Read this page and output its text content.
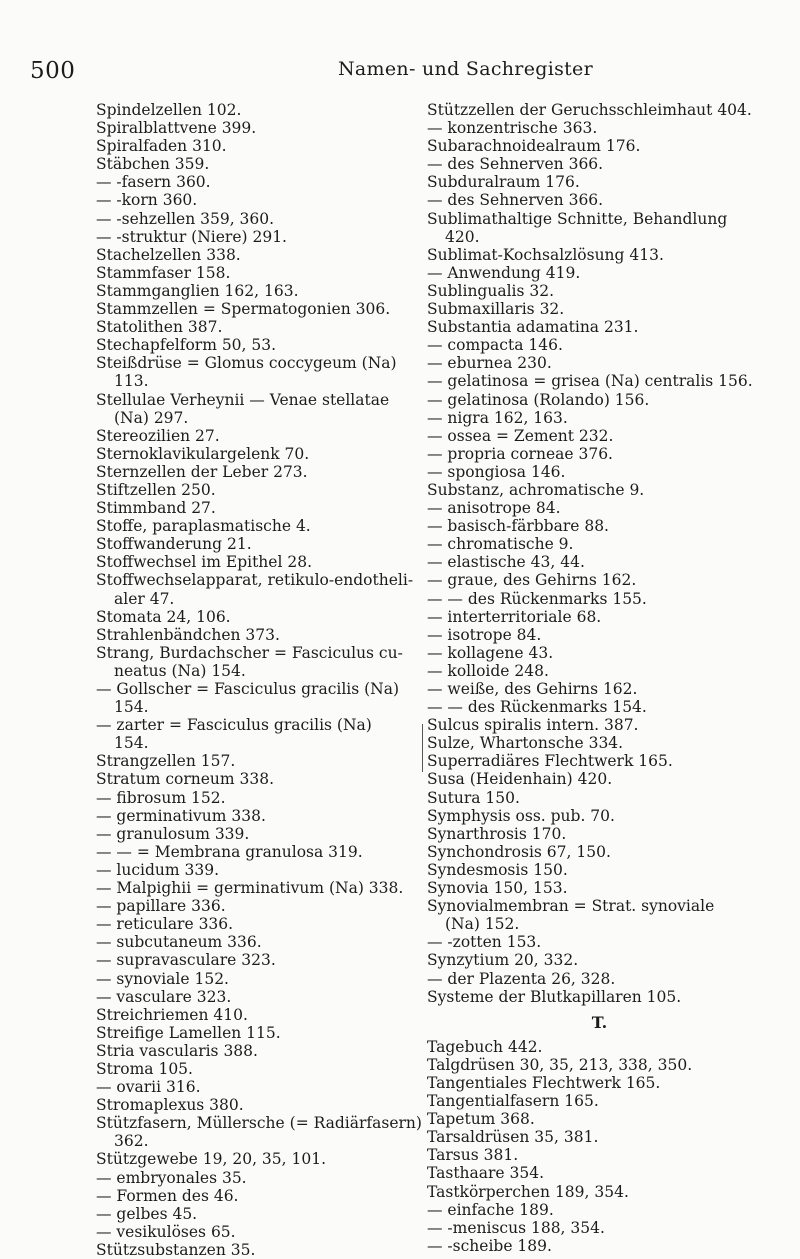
500	Namen- und Sachregister
Spindelzellen 102.
Spiralblattvene 399.
Spiralfaden 310.
Stäbchen 359.
— -fasern 360.
— -korn 360.
— -sehzellen 359, 360.
— -struktur (Niere) 291.
Stachelzellen 338.
Stammfaser 158.
Stammganglien 162, 163.
Stammzellen = Spermatogonien 306.
Statolithen 387.
Stechapfelform 50, 53.
Steißdrüse = Glomus coccygeum (Na)
113.
Stellulae Verheynii — Venae stellatae
(Na) 297.
Stereozilien 27.
Sternoklavikulargelenk 70.
Sternzellen der Leber 273.
Stiftzellen 250.
Stimmband 27.
Stoffe, paraplasmatische 4.
Stoffwanderung 21.
Stoffwechsel im Epithel 28.
Stoffwechselapparat, retikulo-endotheli-
aler 47.
Stomata 24, 106.
Strahlenbändchen 373.
Strang, Burdachscher = Fasciculus cu-
neatus (Na) 154.
— Gollscher = Fasciculus gracilis (Na)
154.
— zarter = Fasciculus gracilis (Na)
154.
Strangzellen 157.
Stratum corneum 338.
— fibrosum 152.
— germinativum 338.
— granulosum 339.
— — = Membrana granulosa 319.
— lucidum 339.
— Malpighii = germinativum (Na) 338.
— papillare 336.
— reticulare 336.
— subcutaneum 336.
— supravasculare 323.
— synoviale 152.
— vasculare 323.
Streichriemen 410.
Streifige Lamellen 115.
Stria vascularis 388.
Stroma 105.
— ovarii 316.
Stromaplexus 380.
Stützfasern, Müllersche (= Radiärfasern)
362.
Stützgewebe 19, 20, 35, 101.
— embryonales 35.
— Formen des 46.
— gelbes 45.
— vesikulöses 65.
Stützsubstanzen 35.
Stützzellen der Geruchsschleimhaut 404.
— konzentrische 363.
Subarachnoidealraum 176.
— des Sehnerven 366.
Subduralraum 176.
— des Sehnerven 366.
Sublimathaltige Schnitte, Behandlung
420.
Sublimat-Kochsalzlösung 413.
— Anwendung 419.
Sublingualis 32.
Submaxillaris 32.
Substantia adamatina 231.
— compacta 146.
— eburnea 230.
— gelatinosa = grisea (Na) centralis 156.
— gelatinosa (Rolando) 156.
— nigra 162, 163.
— ossea = Zement 232.
— propria corneae 376.
— spongiosa 146.
Substanz, achromatische 9.
— anisotrope 84.
— basisch-färbbare 88.
— chromatische 9.
— elastische 43, 44.
— graue, des Gehirns 162.
— — des Rückenmarks 155.
— interterritoriale 68.
— isotrope 84.
— kollagene 43.
— kolloide 248.
— weiße, des Gehirns 162.
— — des Rückenmarks 154.
Sulcus spiralis intern. 387.
Sulze, Whartonsche 334.
Superradiäres Flechtwerk 165.
Susa (Heidenhain) 420.
Sutura 150.
Symphysis oss. pub. 70.
Synarthrosis 170.
Synchondrosis 67, 150.
Syndesmosis 150.
Synovia 150, 153.
Synovialmembran = Strat. synoviale
(Na) 152.
— -zotten 153.
Synzytium 20, 332.
— der Plazenta 26, 328.
Systeme der Blutkapillaren 105.
T.
Tagebuch 442.
Talgdrüsen 30, 35, 213, 338, 350.
Tangentiales Flechtwerk 165.
Tangentialfasern 165.
Tapetum 368.
Tarsaldrüsen 35, 381.
Tarsus 381.
Tasthaare 354.
Tastkörperchen 189, 354.
— einfache 189.
— -meniscus 188, 354.
— -scheibe 189.
